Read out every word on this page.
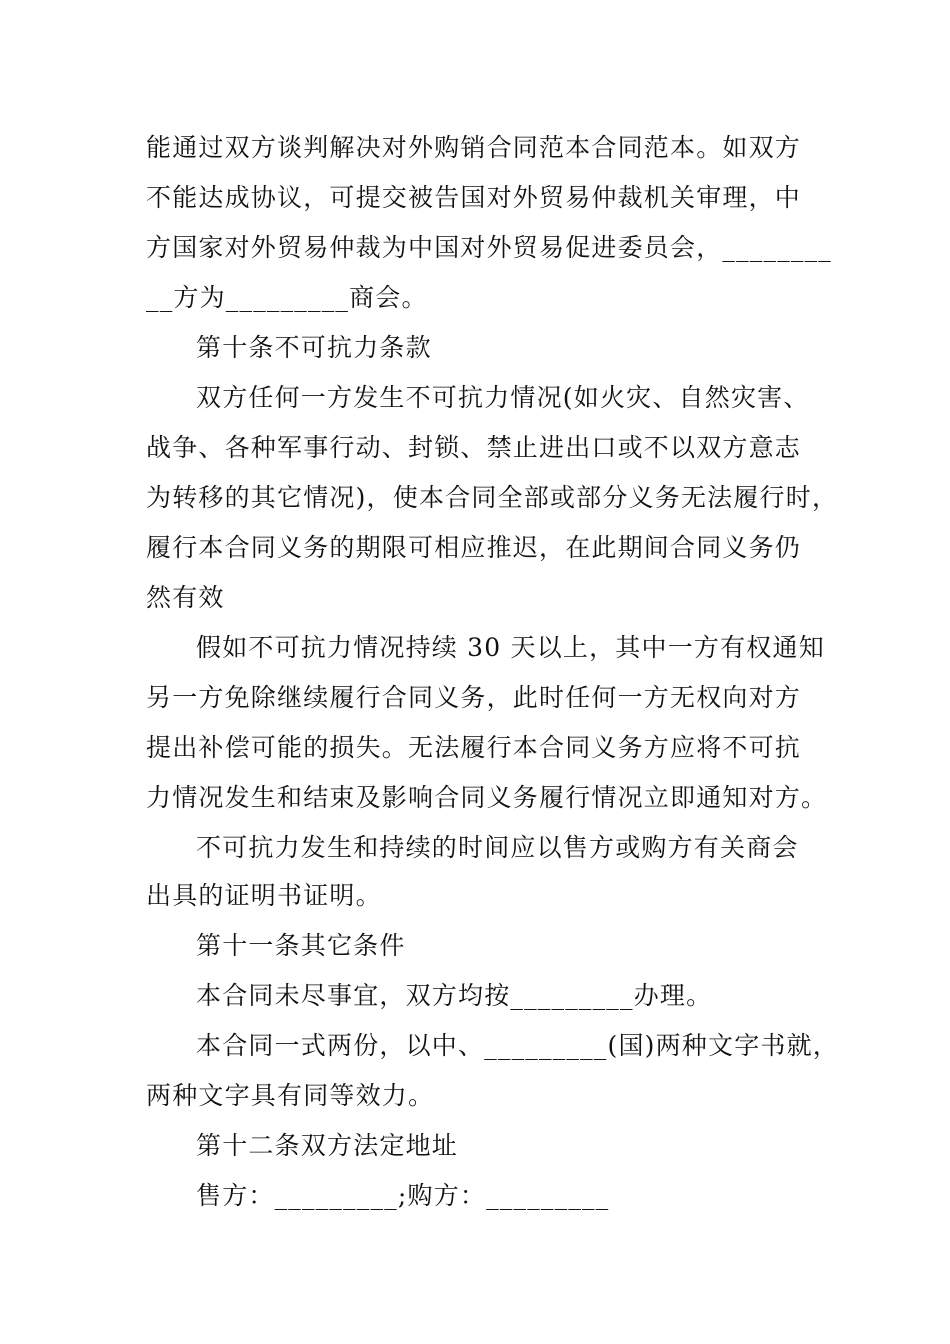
能通过双方谈判解决对外购销合同范本合同范本。如双方

不能达成协议，可提交被告国对外贸易仲裁机关审理，中

方国家对外贸易仲裁为中国对外贸易促进委员会，________

__方为_________商会。

第十条不可抗力条款

双方任何一方发生不可抗力情况(如火灾、自然灾害、

战争、各种军事行动、封锁、禁止进出口或不以双方意志

为转移的其它情况)，使本合同全部或部分义务无法履行时，

履行本合同义务的期限可相应推迟，在此期间合同义务仍

然有效

假如不可抗力情况持续 30 天以上，其中一方有权通知

另一方免除继续履行合同义务，此时任何一方无权向对方

提出补偿可能的损失。无法履行本合同义务方应将不可抗

力情况发生和结束及影响合同义务履行情况立即通知对方。

不可抗力发生和持续的时间应以售方或购方有关商会

出具的证明书证明。

第十一条其它条件

本合同未尽事宜，双方均按_________办理。

本合同一式两份，以中、_________(国)两种文字书就，

两种文字具有同等效力。

第十二条双方法定地址

售方：_________;购方：_________
